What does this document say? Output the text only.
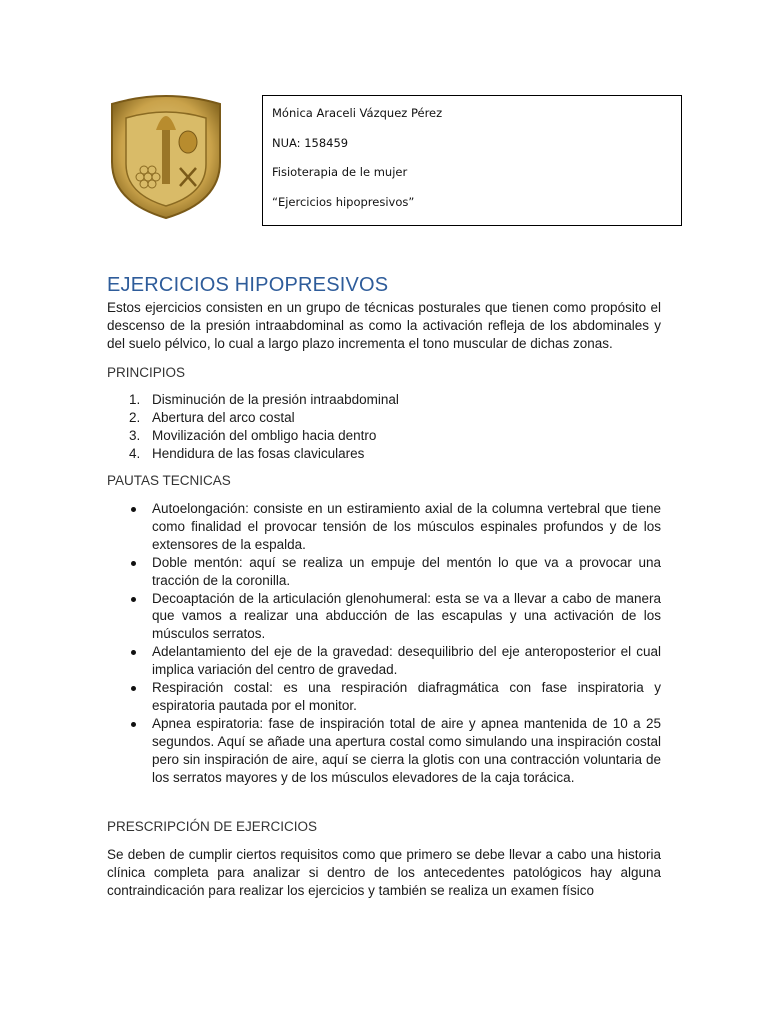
Mónica Araceli Vázquez Pérez
NUA: 158459
Fisioterapia de le mujer
“Ejercicios hipopresivos”
EJERCICIOS HIPOPRESIVOS
Estos ejercicios consisten en un grupo de técnicas posturales que tienen como propósito el descenso de la presión intraabdominal as como la activación refleja de los abdominales y del suelo pélvico, lo cual a largo plazo incrementa el tono muscular de dichas zonas.
PRINCIPIOS
1. Disminución de la presión intraabdominal
2. Abertura del arco costal
3. Movilización del ombligo hacia dentro
4. Hendidura de las fosas claviculares
PAUTAS TECNICAS
Autoelongación: consiste en un estiramiento axial de la columna vertebral que tiene como finalidad el provocar tensión de los músculos espinales profundos y de los extensores de la espalda.
Doble mentón: aquí se realiza un empuje del mentón lo que va a provocar una tracción de la coronilla.
Decoaptación de la articulación glenohumeral: esta se va a llevar a cabo de manera que vamos a realizar una abducción de las escapulas y una activación de los músculos serratos.
Adelantamiento del eje de la gravedad: desequilibrio del eje anteroposterior el cual implica variación del centro de gravedad.
Respiración costal: es una respiración diafragmática con fase inspiratoria y espiratoria pautada por el monitor.
Apnea espiratoria: fase de inspiración total de aire y apnea mantenida de 10 a 25 segundos. Aquí se añade una apertura costal como simulando una inspiración costal pero sin inspiración de aire, aquí se cierra la glotis con una contracción voluntaria de los serratos mayores y de los músculos elevadores de la caja torácica.
PRESCRIPCIÓN DE EJERCICIOS
Se deben de cumplir ciertos requisitos como que primero se debe llevar a cabo una historia clínica completa para analizar si dentro de los antecedentes patológicos hay alguna contraindicación para realizar los ejercicios y también se realiza un examen físico
